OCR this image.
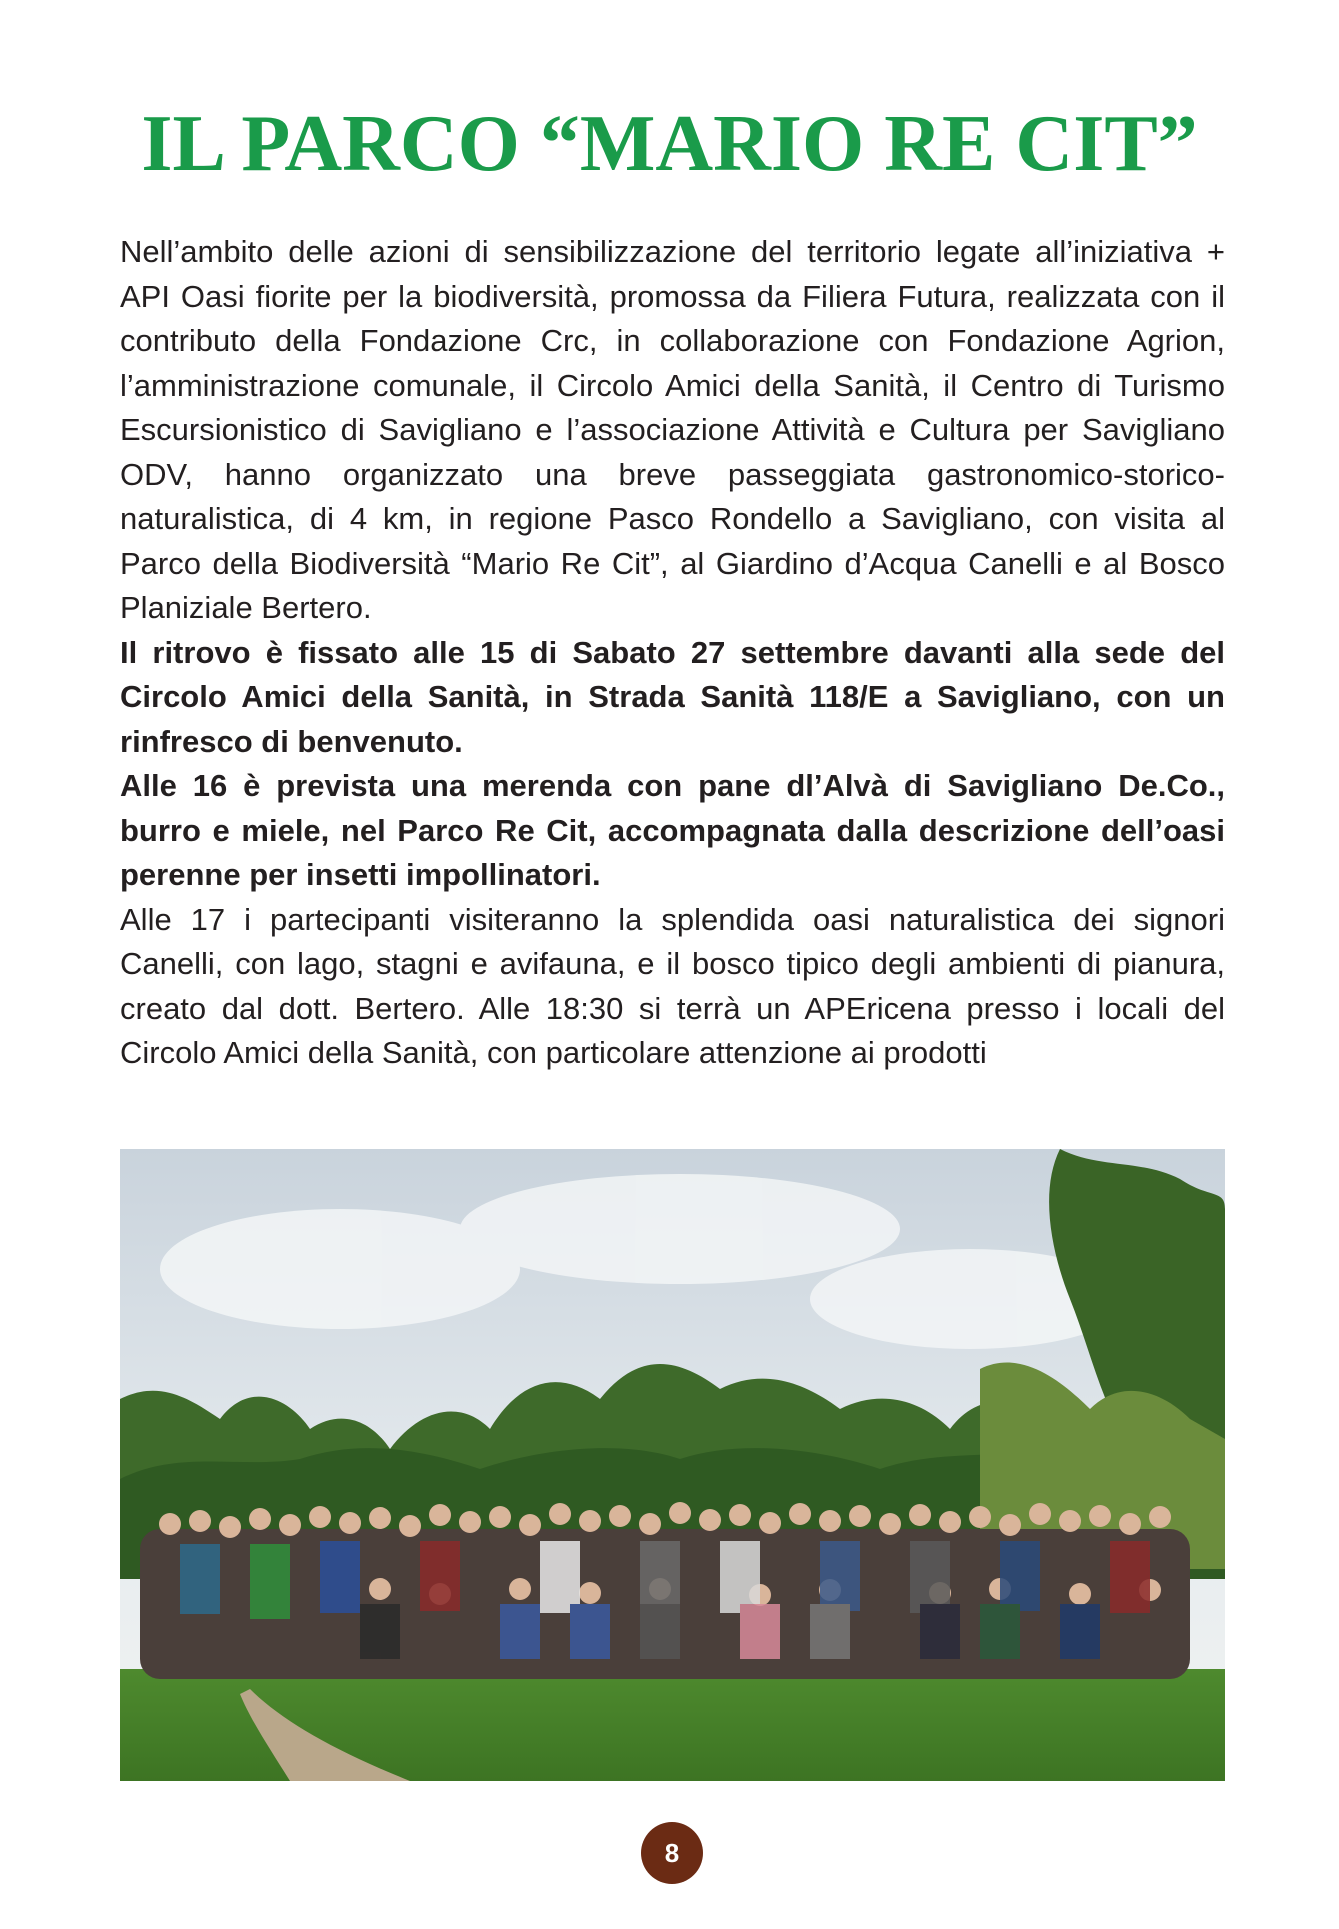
IL PARCO “MARIO RE CIT”

Nell’ambito delle azioni di sensibilizzazione del territorio legate all’iniziativa + API Oasi fiorite per la biodiversità, promossa da Filiera Futura, realizzata con il contributo della Fondazione Crc, in collaborazione con Fondazione Agrion, l’amministrazione comunale, il Circolo Amici della Sanità, il Centro di Turismo Escursionistico di Savigliano e l’associazione Attività e Cultura per Savigliano ODV, hanno organizzato una breve passeggiata gastronomico-storico-naturalistica, di 4 km, in regione Pasco Rondello a Savigliano, con visita al Parco della Biodiversità “Mario Re Cit”, al Giardino d’Acqua Canelli e al Bosco Planiziale Bertero.

Il ritrovo è fissato alle 15 di Sabato 27 settembre davanti alla sede del Circolo Amici della Sanità, in Strada Sanità 118/E a Savigliano, con un rinfresco di benvenuto.

Alle 16 è prevista una merenda con pane dl’Alvà di Savigliano De.Co., burro e miele, nel Parco Re Cit, accompagnata dalla descrizione dell’oasi perenne per insetti impollinatori.

Alle 17 i partecipanti visiteranno la splendida oasi naturalistica dei signori Canelli, con lago, stagni e avifauna, e il bosco tipico degli ambienti di pianura, creato dal dott. Bertero. Alle 18:30 si terrà un APEricena presso i locali del Circolo Amici della Sanità, con particolare attenzione ai prodotti

8
